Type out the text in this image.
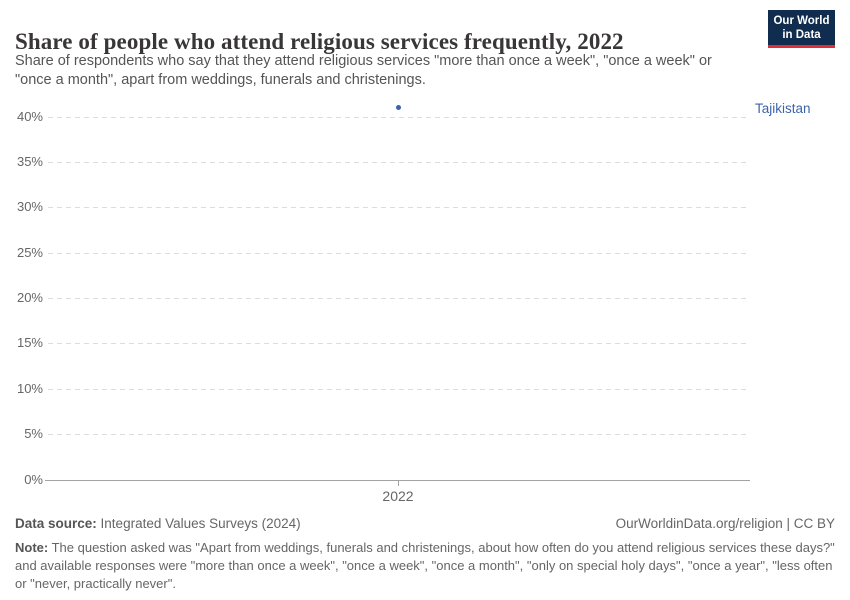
Share of people who attend religious services frequently, 2022
Our World
in Data
Share of respondents who say that they attend religious services "more than once a week", "once a week" or
"once a month", apart from weddings, funerals and christenings.
0%
5%
10%
15%
20%
25%
30%
35%
40%
2022
Tajikistan
Data source: Integrated Values Surveys (2024)	OurWorldinData.org/religion | CC BY
Note: The question asked was "Apart from weddings, funerals and christenings, about how often do you attend religious services these days?"
and available responses were "more than once a week", "once a week", "once a month", "only on special holy days", "once a year", "less often
or "never, practically never".
